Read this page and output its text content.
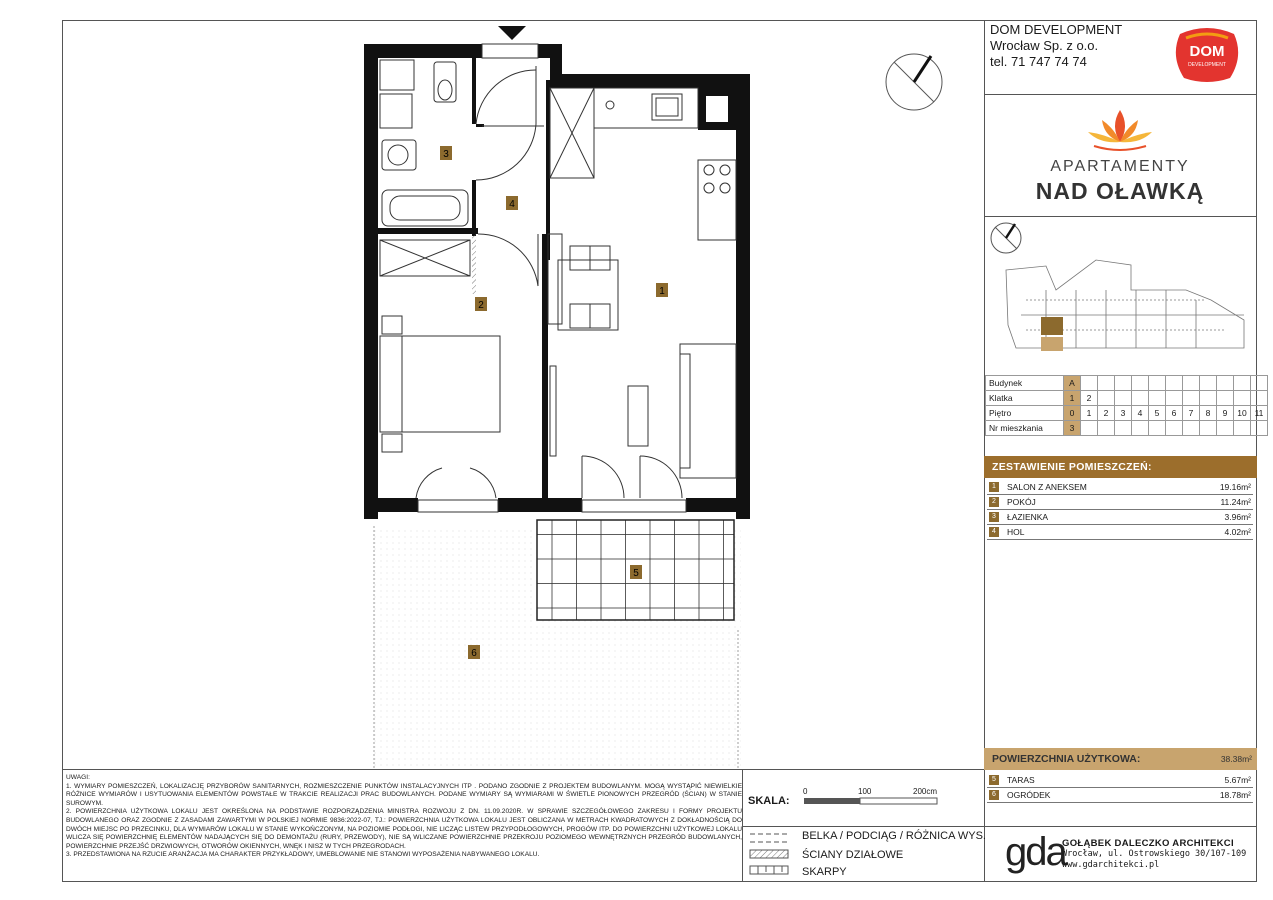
1
2
3
4
5
6
DOM DEVELOPMENT
Wrocław Sp. z o.o.
tel. 71 747 74 74
DOM
DEVELOPMENT
APARTAMENTY
NAD OŁAWKĄ
Budynek	A											
Klatka	1	2										
Piętro	0	1	2	3	4	5	6	7	8	9	10	11
Nr mieszkania	3											
ZESTAWIENIE POMIESZCZEŃ:
1	SALON Z ANEKSEM	19.16m²
2	POKÓJ	11.24m²
3	ŁAZIENKA	3.96m²
4	HOL	4.02m²
POWIERZCHNIA UŻYTKOWA:	38.38m²
5	TARAS	5.67m²
6	OGRÓDEK	18.78m²
UWAGI:
1. WYMIARY POMIESZCZEŃ, LOKALIZACJĘ PRZYBORÓW SANITARNYCH, ROZMIESZCZENIE PUNKTÓW INSTALACYJNYCH ITP . PODANO ZGODNIE Z PROJEKTEM BUDOWLANYM. MOGĄ WYSTĄPIĆ NIEWIELKIE RÓŻNICE WYMIARÓW I USYTUOWANIA ELEMENTÓW POWSTAŁE W TRAKCIE REALIZACJI PRAC BUDOWLANYCH. PODANE WYMIARY SĄ WYMIARAMI W ŚWIETLE PIONOWYCH PRZEGRÓD (ŚCIAN) W STANIE SUROWYM.
2. POWIERZCHNIA UŻYTKOWA LOKALU JEST OKREŚLONA NA PODSTAWIE ROZPORZĄDZENIA MINISTRA ROZWOJU Z DN. 11.09.2020R. W SPRAWIE SZCZEGÓŁOWEGO ZAKRESU I FORMY PROJEKTU BUDOWLANEGO ORAZ ZGODNIE Z ZASADAMI ZAWARTYMI W POLSKIEJ NORMIE 9836:2022-07, TJ.: POWIERZCHNIA UŻYTKOWA LOKALU JEST OBLICZANA W METRACH KWADRATOWYCH Z DOKŁADNOŚCIĄ DO DWÓCH MIEJSC PO PRZECINKU, DLA WYMIARÓW LOKALU W STANIE WYKOŃCZONYM, NA POZIOMIE PODŁOGI, NIE LICZĄC LISTEW PRZYPODŁOGOWYCH, PROGÓW ITP. DO POWIERZCHNI UŻYTKOWEJ LOKALU WLICZA SIĘ POWIERZCHNIĘ ELEMENTÓW NADAJĄCYCH SIĘ DO DEMONTAŻU (RURY, PRZEWODY), NIE SĄ WLICZANE POWIERZCHNIE PRZEKROJU POZIOMEGO WEWNĘTRZNYCH PRZEGRÓD BUDOWLANYCH, POWIERZCHNIE PRZEJŚĆ DRZWIOWYCH, OTWORÓW OKIENNYCH, WNĘK I NISZ W TYCH PRZEGRODACH.
3. PRZEDSTAWIONA NA RZUCIE ARANŻACJA MA CHARAKTER PRZYKŁADOWY, UMEBLOWANIE NIE STANOWI WYPOSAŻENIA NABYWANEGO LOKALU.
SKALA:
0	100	200cm
BELKA / PODCIĄG / RÓŻNICA WYS.
ŚCIANY DZIAŁOWE
SKARPY	gda
GOŁĄBEK DALECZKO ARCHITEKCI
Wrocław, ul. Ostrowskiego 30/107-109
www.gdarchitekci.pl
